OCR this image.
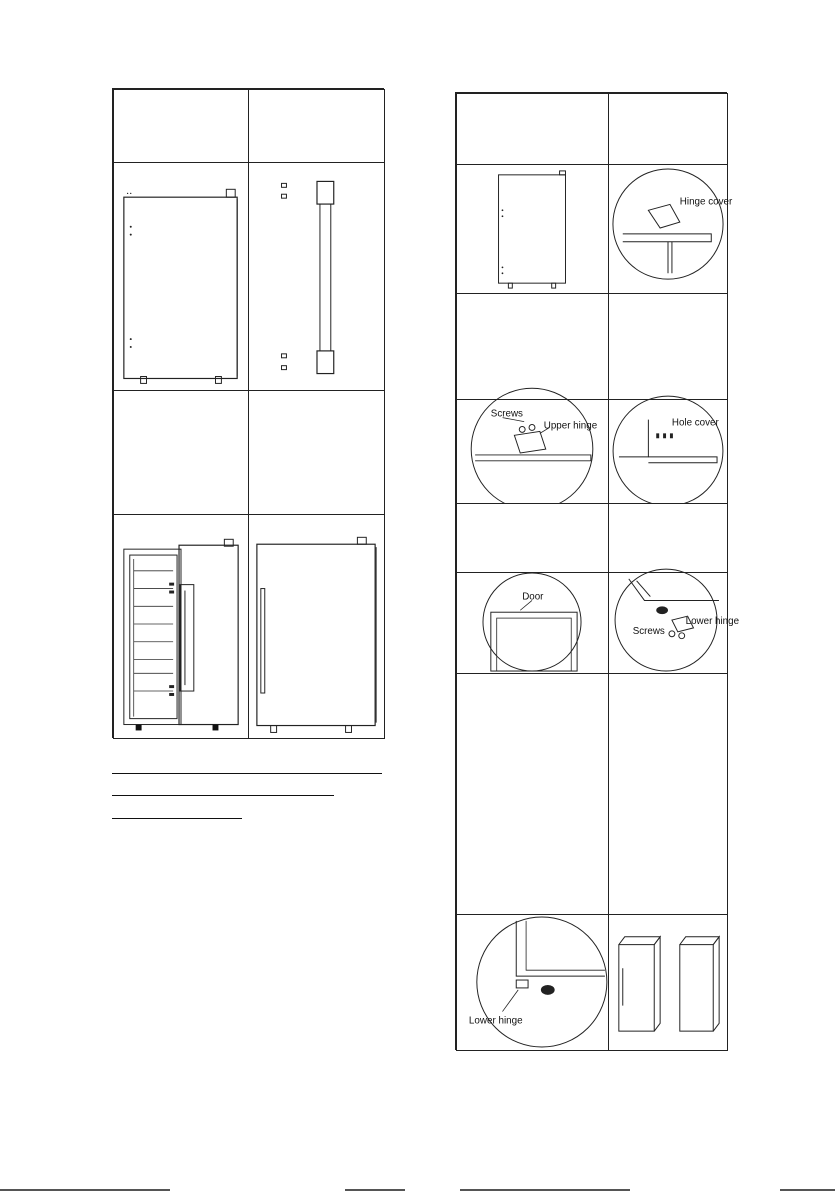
• •
Hinge cover
Screws
Upper hinge	Hole cover
Door
Screws
Lower hinge
Lower hinge
